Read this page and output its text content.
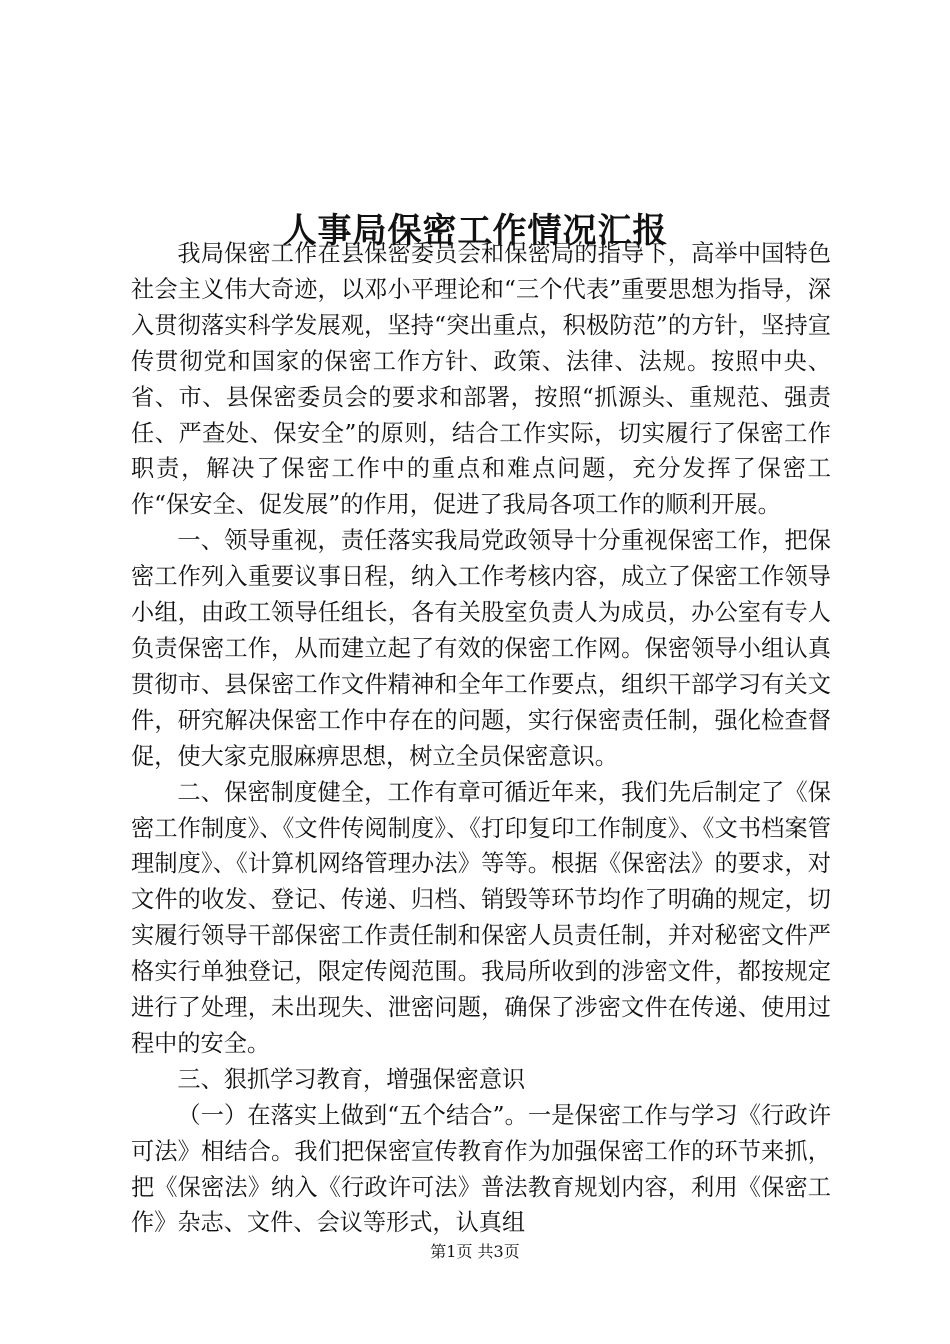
人事局保密工作情况汇报

我局保密工作在县保密委员会和保密局的指导下，高举中国特色社会主义伟大奇迹，以邓小平理论和“三个代表”重要思想为指导，深入贯彻落实科学发展观，坚持“突出重点，积极防范”的方针，坚持宣传贯彻党和国家的保密工作方针、政策、法律、法规。按照中央、省、市、县保密委员会的要求和部署，按照“抓源头、重规范、强责任、严查处、保安全”的原则，结合工作实际，切实履行了保密工作职责，解决了保密工作中的重点和难点问题，充分发挥了保密工作“保安全、促发展”的作用，促进了我局各项工作的顺利开展。

一、领导重视，责任落实我局党政领导十分重视保密工作，把保密工作列入重要议事日程，纳入工作考核内容，成立了保密工作领导小组，由政工领导任组长，各有关股室负责人为成员，办公室有专人负责保密工作，从而建立起了有效的保密工作网。保密领导小组认真贯彻市、县保密工作文件精神和全年工作要点，组织干部学习有关文件，研究解决保密工作中存在的问题，实行保密责任制，强化检查督促，使大家克服麻痹思想，树立全员保密意识。

二、保密制度健全，工作有章可循近年来，我们先后制定了《保密工作制度》、《文件传阅制度》、《打印复印工作制度》、《文书档案管理制度》、《计算机网络管理办法》等等。根据《保密法》的要求，对文件的收发、登记、传递、归档、销毁等环节均作了明确的规定，切实履行领导干部保密工作责任制和保密人员责任制，并对秘密文件严格实行单独登记，限定传阅范围。我局所收到的涉密文件，都按规定进行了处理，未出现失、泄密问题，确保了涉密文件在传递、使用过程中的安全。

三、狠抓学习教育，增强保密意识

（一）在落实上做到“五个结合”。一是保密工作与学习《行政许可法》相结合。我们把保密宣传教育作为加强保密工作的环节来抓，把《保密法》纳入《行政许可法》普法教育规划内容，利用《保密工作》杂志、文件、会议等形式，认真组

第1页 共3页
